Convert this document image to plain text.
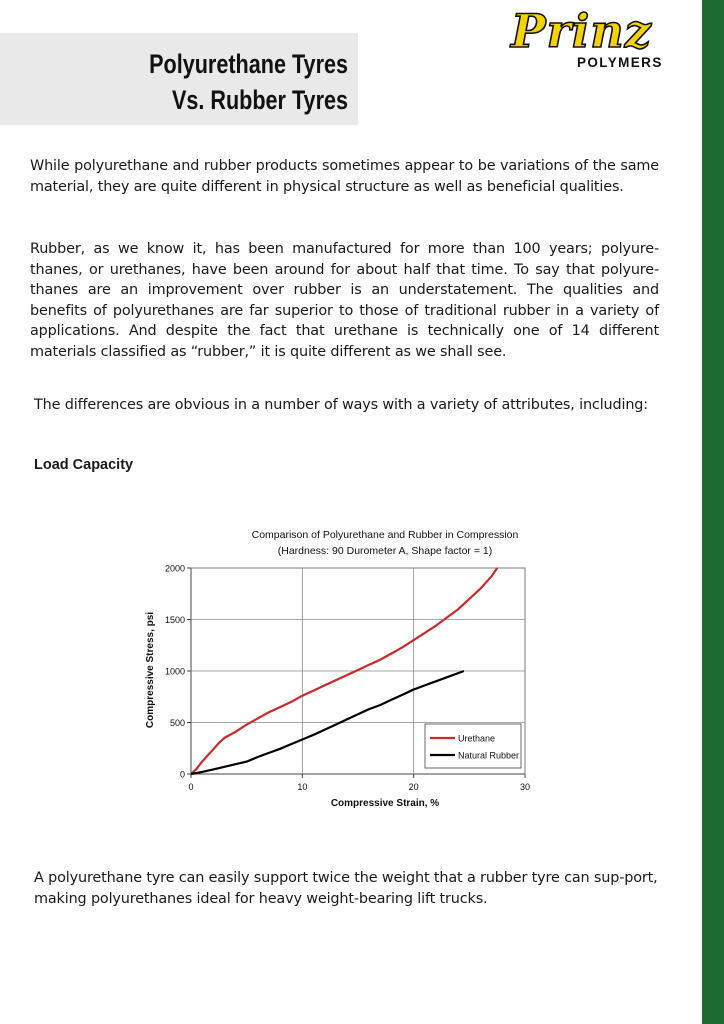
Polyurethane Tyres
Vs. Rubber Tyres
Prinz
POLYMERS

While polyurethane and rubber products sometimes appear to be variations of the same material, they are quite different in physical structure as well as beneficial qualities.

Rubber, as we know it, has been manufactured for more than 100 years; polyure-thanes, or urethanes, have been around for about half that time. To say that polyure-thanes are an improvement over rubber is an understatement. The qualities and benefits of polyurethanes are far superior to those of traditional rubber in a variety of applications. And despite the fact that urethane is technically one of 14 different materials classified as “rubber,” it is quite different as we shall see.

The differences are obvious in a number of ways with a variety of attributes, including:

Load Capacity
Comparison of Polyurethane and Rubber in Compression
(Hardness: 90 Durometer A, Shape factor = 1)
0
500
1000
1500
2000
0	10	20	30
Urethane
Natural Rubber
Compressive Strain, %
Compressive Stress, psi

A polyurethane tyre can easily support twice the weight that a rubber tyre can sup-port, making polyurethanes ideal for heavy weight-bearing lift trucks.
